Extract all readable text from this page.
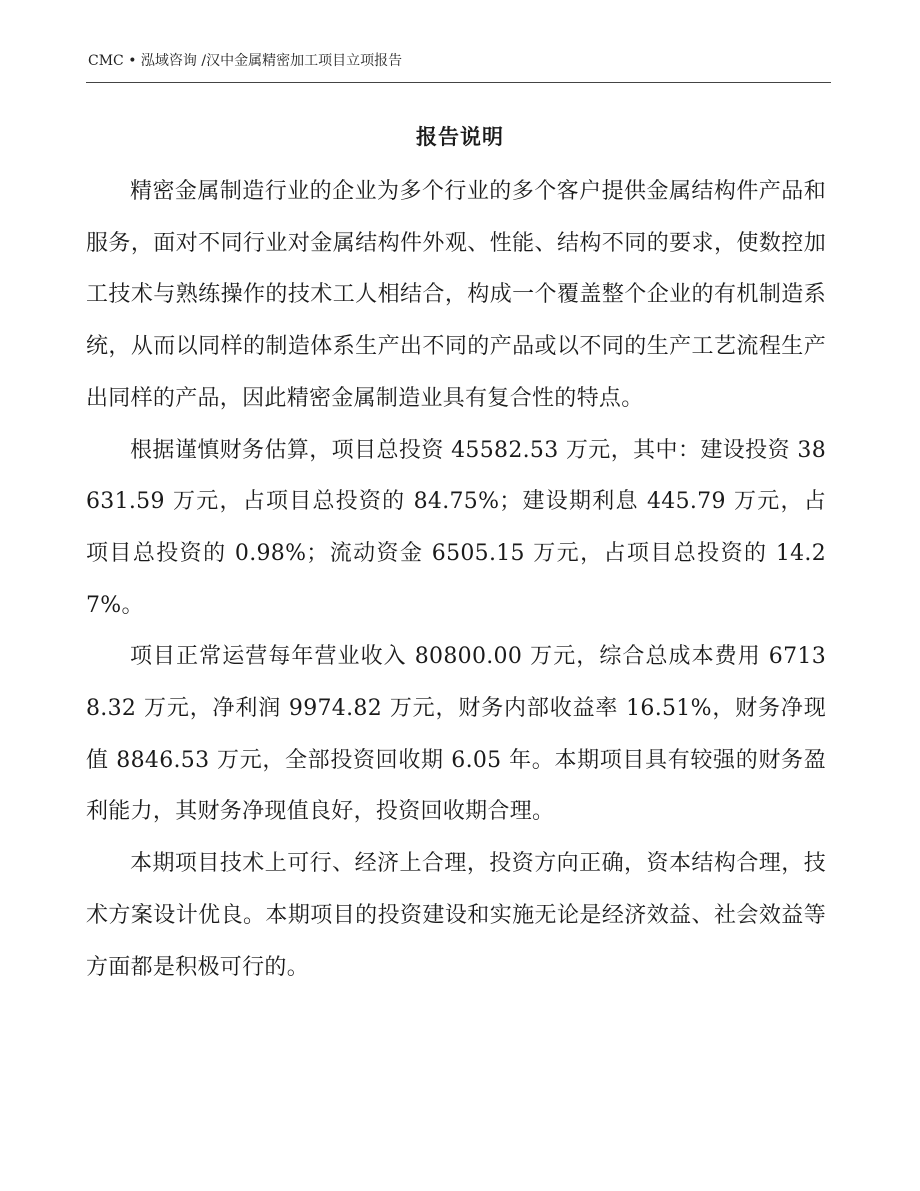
CMC • 泓域咨询 /汉中金属精密加工项目立项报告
报告说明

精密金属制造行业的企业为多个行业的多个客户提供金属结构件产品和服务，面对不同行业对金属结构件外观、性能、结构不同的要求，使数控加工技术与熟练操作的技术工人相结合，构成一个覆盖整个企业的有机制造系统，从而以同样的制造体系生产出不同的产品或以不同的生产工艺流程生产出同样的产品，因此精密金属制造业具有复合性的特点。

根据谨慎财务估算，项目总投资 45582.53 万元，其中：建设投资 38631.59 万元，占项目总投资的 84.75%；建设期利息 445.79 万元，占项目总投资的 0.98%；流动资金 6505.15 万元，占项目总投资的 14.27%。

项目正常运营每年营业收入 80800.00 万元，综合总成本费用 67138.32 万元，净利润 9974.82 万元，财务内部收益率 16.51%，财务净现值 8846.53 万元，全部投资回收期 6.05 年。本期项目具有较强的财务盈利能力，其财务净现值良好，投资回收期合理。

本期项目技术上可行、经济上合理，投资方向正确，资本结构合理，技术方案设计优良。本期项目的投资建设和实施无论是经济效益、社会效益等方面都是积极可行的。
